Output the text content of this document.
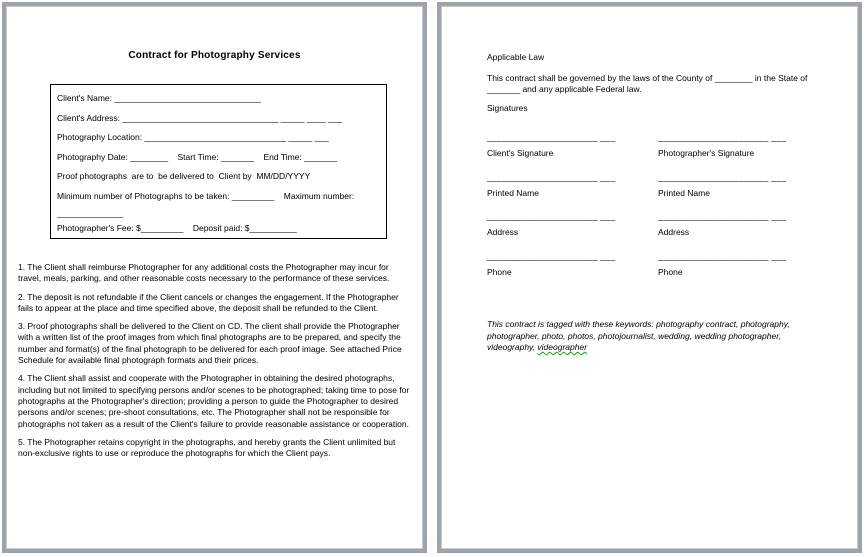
Contract for Photography Services
Client's Name: _______________________________
Client's Address: _________________________________ _____ ____ ___
Photography Location: ______________________________ _____ ___
Photography Date: ________    Start Time: _______    End Time: _______
Proof photographs  are to  be delivered to  Client by  MM/DD/YYYY
Minimum number of Photographs to be taken: _________    Maximum number:
______________
Photographer's Fee: $_________    Deposit paid: $__________
1. The Client shall reimburse Photographer for any additional costs the Photographer may incur for travel, meals, parking, and other reasonable costs necessary to the performance of these services.
2. The deposit is not refundable if the Client cancels or changes the engagement. If the Photographer fails to appear at the place and time specified above, the deposit shall be refunded to the Client.
3. Proof photographs shall be delivered to the Client on CD. The client shall provide the Photographer with a written list of the proof images from which final photographs are to be prepared, and specify the number and format(s) of the final photograph to be delivered for each proof image. See attached Price Schedule for available final photograph formats and their prices.
4. The Client shall assist and cooperate with the Photographer in obtaining the desired photographs, including but not limited to specifying persons and/or scenes to be photographed; taking time to pose for photographs at the Photographer's direction; providing a person to guide the Photographer to desired persons and/or scenes; pre-shoot consultations, etc. The Photographer shall not be responsible for photographs not taken as a result of the Client's failure to provide reasonable assistance or cooperation.
5. The Photographer retains copyright in the photographs, and hereby grants the Client unlimited but non-exclusive rights to use or reproduce the photographs for which the Client pays.
Applicable Law
This contract shall be governed by the laws of the County of ________ in the State of _______ and any applicable Federal law.
Signatures
______________________ ___
Client's Signature
______________________ ___
Printed Name
______________________ ___
Address
______________________ ___
Phone
______________________ ___
Photographer's Signature
______________________ ___
Printed Name
______________________ ___
Address
______________________ ___
Phone
This contract is tagged with these keywords: photography contract, photography, photographer, photo, photos, photojournalist, wedding, wedding photographer, videography, videographer
